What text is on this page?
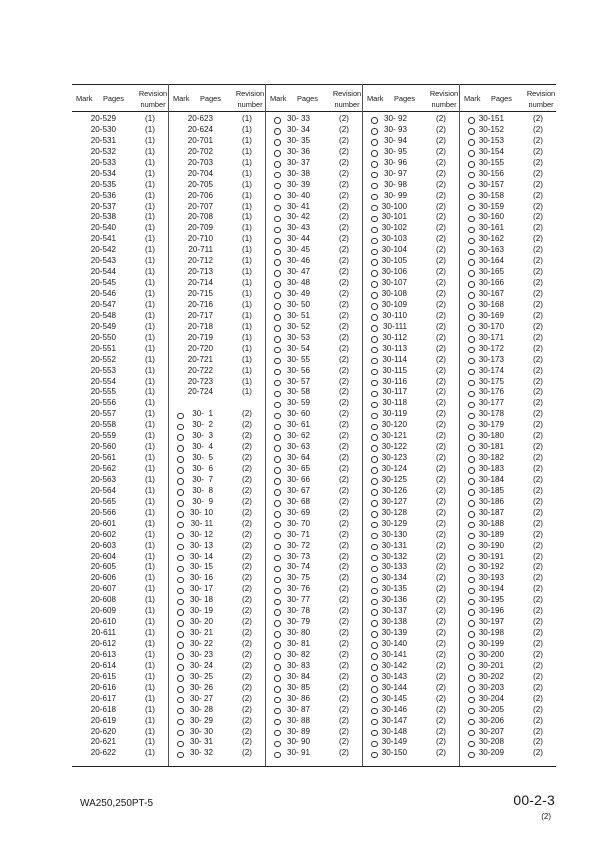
Mark Pages
Revision
number
20-529	(1)
20-530	(1)
20-531	(1)
20-532	(1)
20-533	(1)
20-534	(1)
20-535	(1)
20-536	(1)
20-537	(1)
20-538	(1)
20-540	(1)
20-541	(1)
20-542	(1)
20-543	(1)
20-544	(1)
20-545	(1)
20-546	(1)
20-547	(1)
20-548	(1)
20-549	(1)
20-550	(1)
20-551	(1)
20-552	(1)
20-553	(1)
20-554	(1)
20-555	(1)
20-556	(1)
20-557	(1)
20-558	(1)
20-559	(1)
20-560	(1)
20-561	(1)
20-562	(1)
20-563	(1)
20-564	(1)
20-565	(1)
20-566	(1)
20-601	(1)
20-602	(1)
20-603	(1)
20-604	(1)
20-605	(1)
20-606	(1)
20-607	(1)
20-608	(1)
20-609	(1)
20-610	(1)
20-611	(1)
20-612	(1)
20-613	(1)
20-614	(1)
20-615	(1)
20-616	(1)
20-617	(1)
20-618	(1)
20-619	(1)
20-620	(1)
20-621	(1)
20-622	(1)
Mark Pages
Revision
number
20-623	(1)
20-624	(1)
20-701	(1)
20-702	(1)
20-703	(1)
20-704	(1)
20-705	(1)
20-706	(1)
20-707	(1)
20-708	(1)
20-709	(1)
20-710	(1)
20-711	(1)
20-712	(1)
20-713	(1)
20-714	(1)
20-715	(1)
20-716	(1)
20-717	(1)
20-718	(1)
20-719	(1)
20-720	(1)
20-721	(1)
20-722	(1)
20-723	(1)
20-724	(1)
30-  1	(2)
30-  2	(2)
30-  3	(2)
30-  4	(2)
30-  5	(2)
30-  6	(2)
30-  7	(2)
30-  8	(2)
30-  9	(2)
30- 10	(2)
30- 11	(2)
30- 12	(2)
30- 13	(2)
30- 14	(2)
30- 15	(2)
30- 16	(2)
30- 17	(2)
30- 18	(2)
30- 19	(2)
30- 20	(2)
30- 21	(2)
30- 22	(2)
30- 23	(2)
30- 24	(2)
30- 25	(2)
30- 26	(2)
30- 27	(2)
30- 28	(2)
30- 29	(2)
30- 30	(2)
30- 31	(2)
30- 32	(2)
Mark Pages
Revision
number
30- 33	(2)
30- 34	(2)
30- 35	(2)
30- 36	(2)
30- 37	(2)
30- 38	(2)
30- 39	(2)
30- 40	(2)
30- 41	(2)
30- 42	(2)
30- 43	(2)
30- 44	(2)
30- 45	(2)
30- 46	(2)
30- 47	(2)
30- 48	(2)
30- 49	(2)
30- 50	(2)
30- 51	(2)
30- 52	(2)
30- 53	(2)
30- 54	(2)
30- 55	(2)
30- 56	(2)
30- 57	(2)
30- 58	(2)
30- 59	(2)
30- 60	(2)
30- 61	(2)
30- 62	(2)
30- 63	(2)
30- 64	(2)
30- 65	(2)
30- 66	(2)
30- 67	(2)
30- 68	(2)
30- 69	(2)
30- 70	(2)
30- 71	(2)
30- 72	(2)
30- 73	(2)
30- 74	(2)
30- 75	(2)
30- 76	(2)
30- 77	(2)
30- 78	(2)
30- 79	(2)
30- 80	(2)
30- 81	(2)
30- 82	(2)
30- 83	(2)
30- 84	(2)
30- 85	(2)
30- 86	(2)
30- 87	(2)
30- 88	(2)
30- 89	(2)
30- 90	(2)
30- 91	(2)
Mark Pages
Revision
number
30- 92	(2)
30- 93	(2)
30- 94	(2)
30- 95	(2)
30- 96	(2)
30- 97	(2)
30- 98	(2)
30- 99	(2)
30-100	(2)
30-101	(2)
30-102	(2)
30-103	(2)
30-104	(2)
30-105	(2)
30-106	(2)
30-107	(2)
30-108	(2)
30-109	(2)
30-110	(2)
30-111	(2)
30-112	(2)
30-113	(2)
30-114	(2)
30-115	(2)
30-116	(2)
30-117	(2)
30-118	(2)
30-119	(2)
30-120	(2)
30-121	(2)
30-122	(2)
30-123	(2)
30-124	(2)
30-125	(2)
30-126	(2)
30-127	(2)
30-128	(2)
30-129	(2)
30-130	(2)
30-131	(2)
30-132	(2)
30-133	(2)
30-134	(2)
30-135	(2)
30-136	(2)
30-137	(2)
30-138	(2)
30-139	(2)
30-140	(2)
30-141	(2)
30-142	(2)
30-143	(2)
30-144	(2)
30-145	(2)
30-146	(2)
30-147	(2)
30-148	(2)
30-149	(2)
30-150	(2)
Mark Pages
Revision
number
30-151	(2)
30-152	(2)
30-153	(2)
30-154	(2)
30-155	(2)
30-156	(2)
30-157	(2)
30-158	(2)
30-159	(2)
30-160	(2)
30-161	(2)
30-162	(2)
30-163	(2)
30-164	(2)
30-165	(2)
30-166	(2)
30-167	(2)
30-168	(2)
30-169	(2)
30-170	(2)
30-171	(2)
30-172	(2)
30-173	(2)
30-174	(2)
30-175	(2)
30-176	(2)
30-177	(2)
30-178	(2)
30-179	(2)
30-180	(2)
30-181	(2)
30-182	(2)
30-183	(2)
30-184	(2)
30-185	(2)
30-186	(2)
30-187	(2)
30-188	(2)
30-189	(2)
30-190	(2)
30-191	(2)
30-192	(2)
30-193	(2)
30-194	(2)
30-195	(2)
30-196	(2)
30-197	(2)
30-198	(2)
30-199	(2)
30-200	(2)
30-201	(2)
30-202	(2)
30-203	(2)
30-204	(2)
30-205	(2)
30-206	(2)
30-207	(2)
30-208	(2)
30-209	(2)
WA250,250PT-5	00-2-3
(2)
